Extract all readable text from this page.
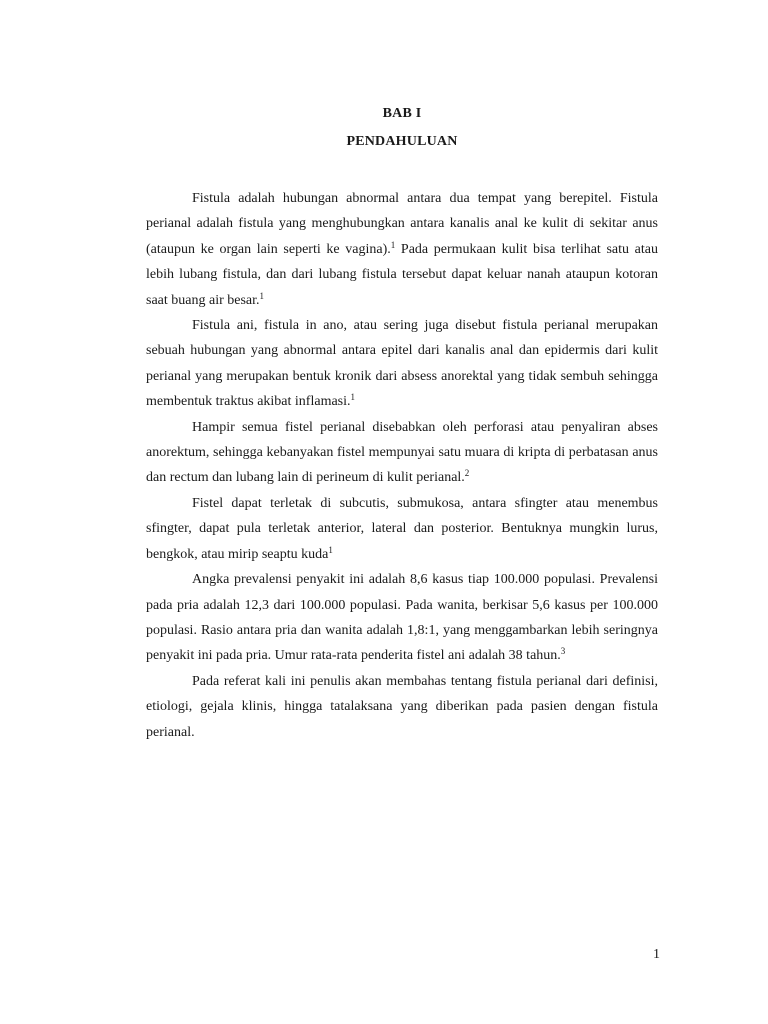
BAB I
PENDAHULUAN

Fistula adalah hubungan abnormal antara dua tempat yang berepitel. Fistula perianal adalah fistula yang menghubungkan antara kanalis anal ke kulit di sekitar anus (ataupun ke organ lain seperti ke vagina).$^1$ Pada permukaan kulit bisa terlihat satu atau lebih lubang fistula, dan dari lubang fistula tersebut dapat keluar nanah ataupun kotoran saat buang air besar.$^1$

Fistula ani, fistula in ano, atau sering juga disebut fistula perianal merupakan sebuah hubungan yang abnormal antara epitel dari kanalis anal dan epidermis dari kulit perianal yang merupakan bentuk kronik dari absess anorektal yang tidak sembuh sehingga membentuk traktus akibat inflamasi.$^1$

Hampir semua fistel perianal disebabkan oleh perforasi atau penyaliran abses anorektum, sehingga kebanyakan fistel mempunyai satu muara di kripta di perbatasan anus dan rectum dan lubang lain di perineum di kulit perianal.$^2$

Fistel dapat terletak di subcutis, submukosa, antara sfingter atau menembus sfingter, dapat pula terletak anterior, lateral dan posterior. Bentuknya mungkin lurus, bengkok, atau mirip seaptu kuda$^1$

Angka prevalensi penyakit ini adalah 8,6 kasus tiap 100.000 populasi. Prevalensi pada pria adalah 12,3 dari 100.000 populasi. Pada wanita, berkisar 5,6 kasus per 100.000 populasi. Rasio antara pria dan wanita adalah 1,8:1, yang menggambarkan lebih seringnya penyakit ini pada pria. Umur rata-rata penderita fistel ani adalah 38 tahun.$^3$

Pada referat kali ini penulis akan membahas tentang fistula perianal dari definisi, etiologi, gejala klinis, hingga tatalaksana yang diberikan pada pasien dengan fistula perianal.

1
